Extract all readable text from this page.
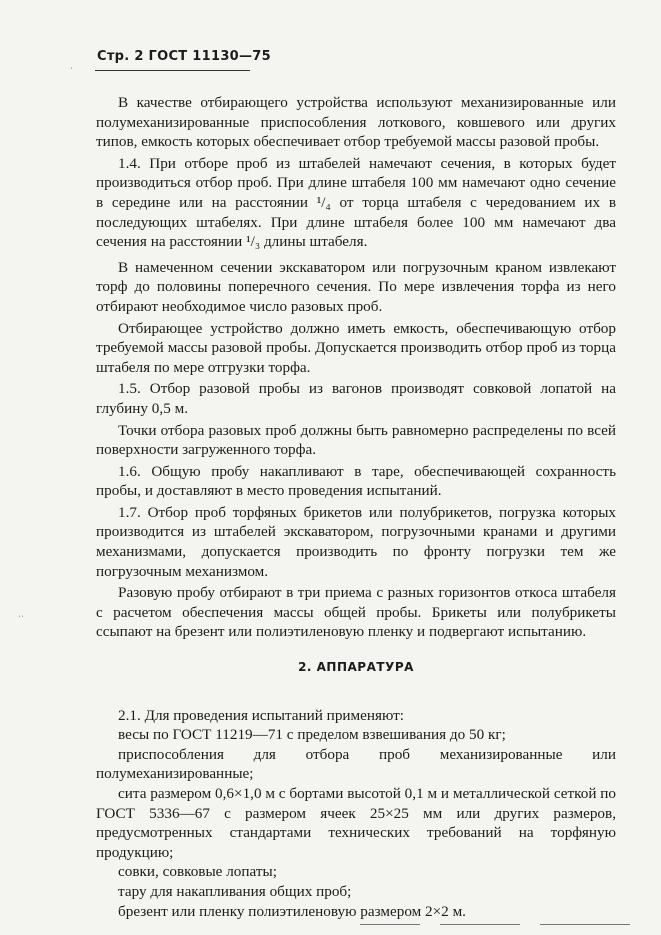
Стр. 2 ГОСТ 11130—75

В качестве отбирающего устройства используют механизированные или полумеханизированные приспособления лоткового, ковшевого или других типов, емкость которых обеспечивает отбор требуемой массы разовой пробы.

1.4. При отборе проб из штабелей намечают сечения, в которых будет производиться отбор проб. При длине штабеля 100 мм намечают одно сечение в середине или на расстоянии ¹/₄ от торца штабеля с чередованием их в последующих штабелях. При длине штабеля более 100 мм намечают два сечения на расстоянии ¹/₃ длины штабеля.

В намеченном сечении экскаватором или погрузочным краном извлекают торф до половины поперечного сечения. По мере извлечения торфа из него отбирают необходимое число разовых проб.

Отбирающее устройство должно иметь емкость, обеспечивающую отбор требуемой массы разовой пробы. Допускается производить отбор проб из торца штабеля по мере отгрузки торфа.

1.5. Отбор разовой пробы из вагонов производят совковой лопатой на глубину 0,5 м.

Точки отбора разовых проб должны быть равномерно распределены по всей поверхности загруженного торфа.

1.6. Общую пробу накапливают в таре, обеспечивающей сохранность пробы, и доставляют в место проведения испытаний.

1.7. Отбор проб торфяных брикетов или полубрикетов, погрузка которых производится из штабелей экскаватором, погрузочными кранами и другими механизмами, допускается производить по фронту погрузки тем же погрузочным механизмом.

Разовую пробу отбирают в три приема с разных горизонтов откоса штабеля с расчетом обеспечения массы общей пробы. Брикеты или полубрикеты ссыпают на брезент или полиэтиленовую пленку и подвергают испытанию.

2. АППАРАТУРА

2.1. Для проведения испытаний применяют:

весы по ГОСТ 11219—71 с пределом взвешивания до 50 кг;

приспособления для отбора проб механизированные или полумеханизированные;

сита размером 0,6×1,0 м с бортами высотой 0,1 м и металлической сеткой по ГОСТ 5336—67 с размером ячеек 25×25 мм или других размеров, предусмотренных стандартами технических требований на торфяную продукцию;

совки, совковые лопаты;

тару для накапливания общих проб;

брезент или пленку полиэтиленовую размером 2×2 м.

ˈ
ˈˈ
